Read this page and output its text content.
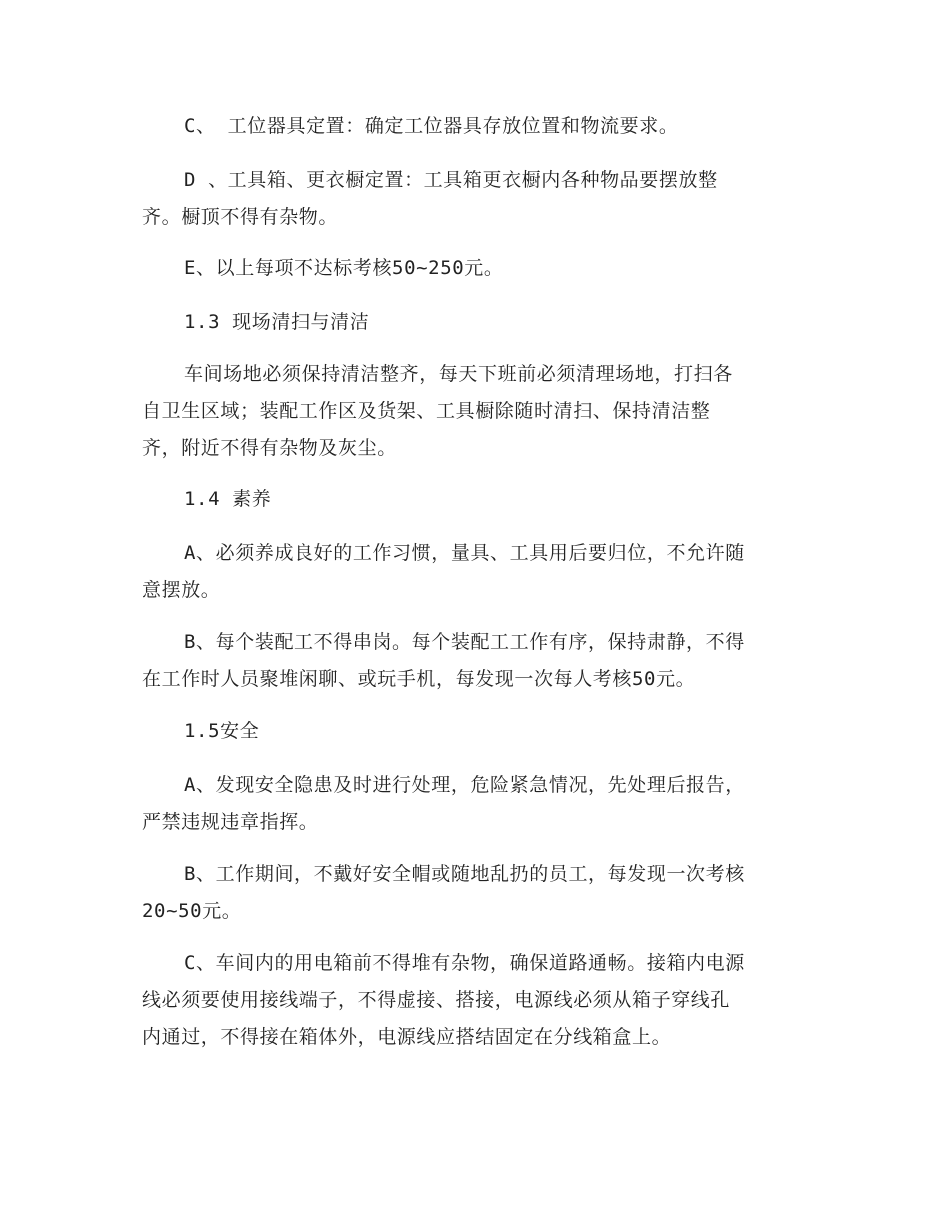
C、 工位器具定置：确定工位器具存放位置和物流要求。
D 、工具箱、更衣橱定置：工具箱更衣橱内各种物品要摆放整
齐。橱顶不得有杂物。
E、以上每项不达标考核50~250元。
1.3 现场清扫与清洁
车间场地必须保持清洁整齐，每天下班前必须清理场地，打扫各
自卫生区域；装配工作区及货架、工具橱除随时清扫、保持清洁整
齐，附近不得有杂物及灰尘。
1.4 素养
A、必须养成良好的工作习惯，量具、工具用后要归位，不允许随
意摆放。
B、每个装配工不得串岗。每个装配工工作有序，保持肃静，不得
在工作时人员聚堆闲聊、或玩手机，每发现一次每人考核50元。
1.5安全
A、发现安全隐患及时进行处理，危险紧急情况，先处理后报告，
严禁违规违章指挥。
B、工作期间，不戴好安全帽或随地乱扔的员工，每发现一次考核
20~50元。
C、车间内的用电箱前不得堆有杂物，确保道路通畅。接箱内电源
线必须要使用接线端子，不得虚接、搭接，电源线必须从箱子穿线孔
内通过，不得接在箱体外，电源线应搭结固定在分线箱盒上。
